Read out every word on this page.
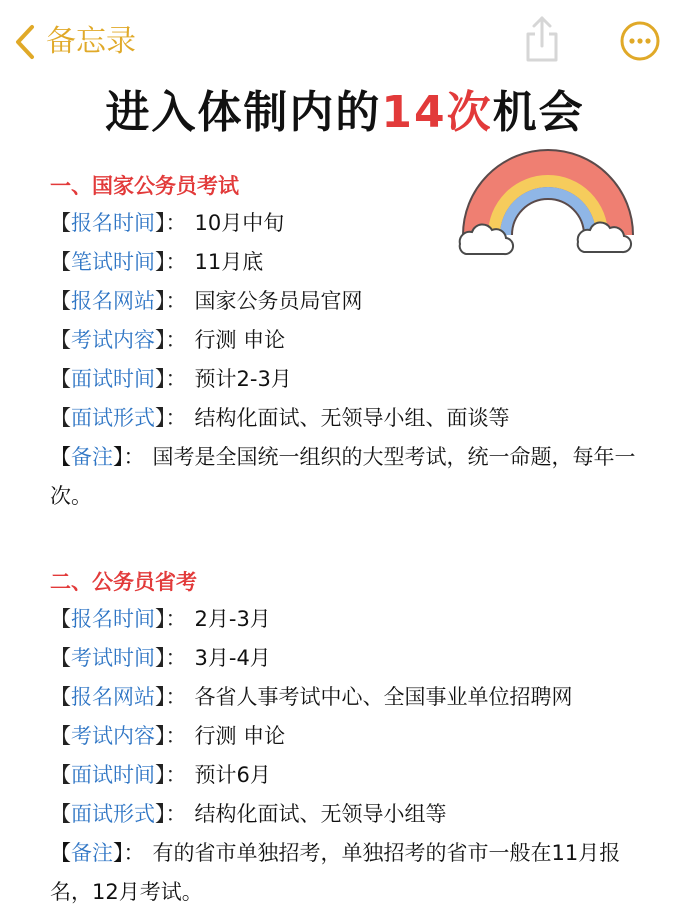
备忘录
进入体制内的14次机会
一、国家公务员考试
【报名时间】： 10月中旬
【笔试时间】： 11月底
【报名网站】： 国家公务员局官网
【考试内容】： 行测 申论
【面试时间】： 预计2-3月
【面试形式】： 结构化面试、无领导小组、面谈等
【备注】： 国考是全国统一组织的大型考试，统一命题，每年一次。
二、公务员省考
【报名时间】： 2月-3月
【考试时间】： 3月-4月
【报名网站】： 各省人事考试中心、全国事业单位招聘网
【考试内容】： 行测 申论
【面试时间】： 预计6月
【面试形式】： 结构化面试、无领导小组等
【备注】： 有的省市单独招考，单独招考的省市一般在11月报名，12月考试。
